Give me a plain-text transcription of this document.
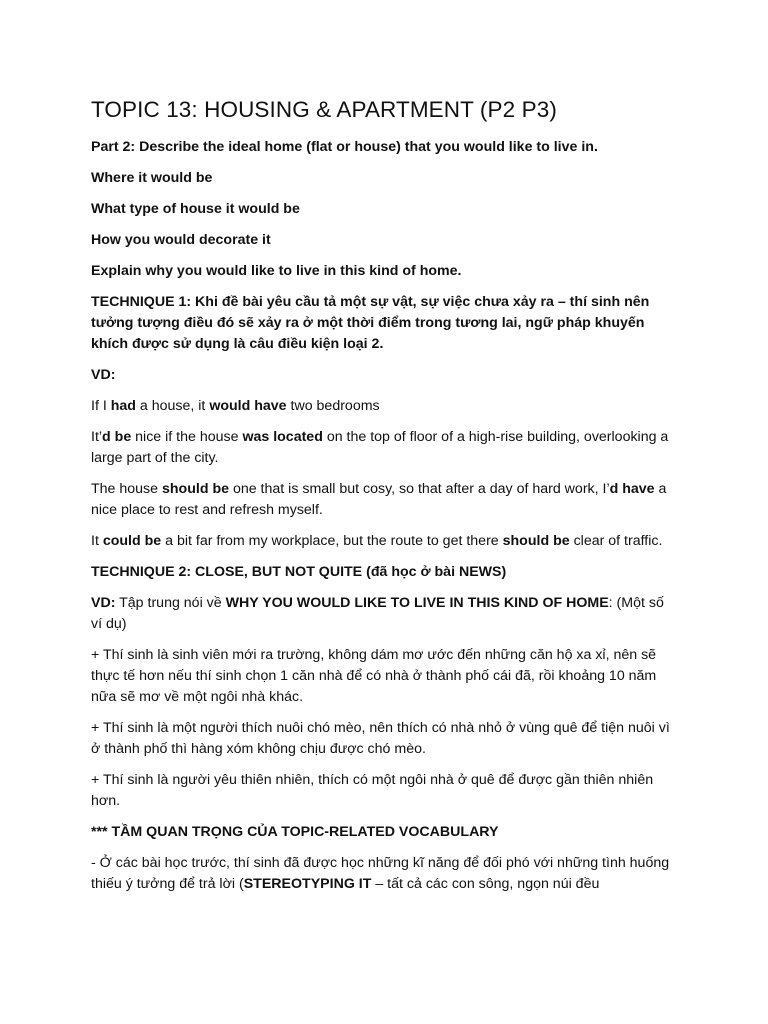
TOPIC 13: HOUSING & APARTMENT (P2 P3)

Part 2: Describe the ideal home (flat or house) that you would like to live in.

Where it would be

What type of house it would be

How you would decorate it

Explain why you would like to live in this kind of home.

TECHNIQUE 1: Khi đề bài yêu cầu tả một sự vật, sự việc chưa xảy ra – thí sinh nên tưởng tượng điều đó sẽ xảy ra ở một thời điểm trong tương lai, ngữ pháp khuyến khích được sử dụng là câu điều kiện loại 2.

VD:

If I had a house, it would have two bedrooms

It’d be nice if the house was located on the top of floor of a high-rise building, overlooking a large part of the city.

The house should be one that is small but cosy, so that after a day of hard work, I’d have a nice place to rest and refresh myself.

It could be a bit far from my workplace, but the route to get there should be clear of traffic.

TECHNIQUE 2: CLOSE, BUT NOT QUITE (đã học ở bài NEWS)

VD: Tập trung nói về WHY YOU WOULD LIKE TO LIVE IN THIS KIND OF HOME: (Một số ví dụ)

+ Thí sinh là sinh viên mới ra trường, không dám mơ ước đến những căn hộ xa xỉ, nên sẽ thực tế hơn nếu thí sinh chọn 1 căn nhà để có nhà ở thành phố cái đã, rồi khoảng 10 năm nữa sẽ mơ về một ngôi nhà khác.

+ Thí sinh là một người thích nuôi chó mèo, nên thích có nhà nhỏ ở vùng quê để tiện nuôi vì ở thành phố thì hàng xóm không chịu được chó mèo.

+ Thí sinh là người yêu thiên nhiên, thích có một ngôi nhà ở quê để được gần thiên nhiên hơn.

*** TẦM QUAN TRỌNG CỦA TOPIC-RELATED VOCABULARY

- Ở các bài học trước, thí sinh đã được học những kĩ năng để đối phó với những tình huống thiếu ý tưởng để trả lời (STEREOTYPING IT – tất cả các con sông, ngọn núi đều
